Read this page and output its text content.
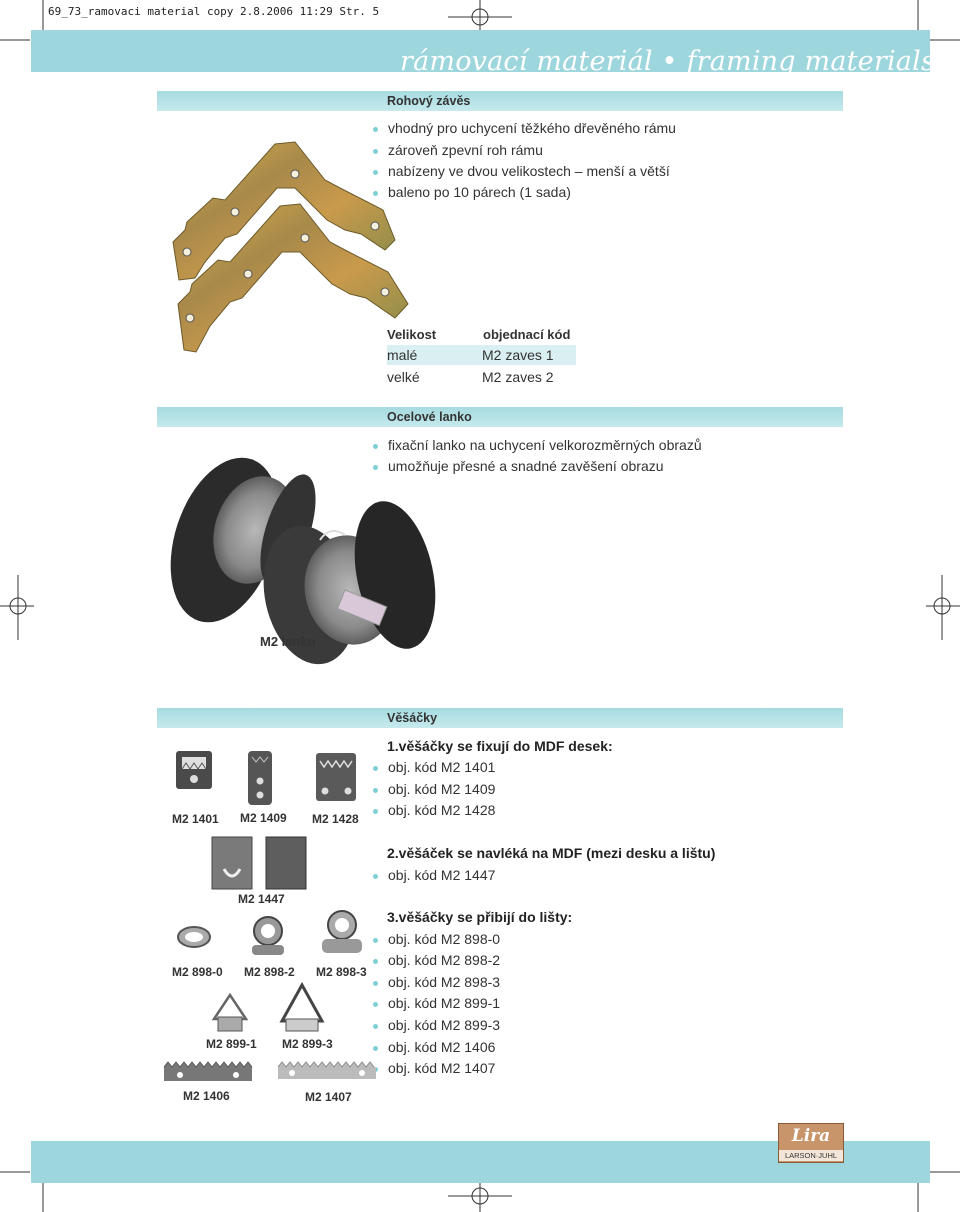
69_73_ramovaci material copy 2.8.2006 11:29 Str. 5
rámovací materiál • framing materials
Rohový závěs
vhodný pro uchycení těžkého dřevěného rámu
zároveň zpevní roh rámu
nabízeny ve dvou velikostech – menší a větší
baleno po 10 párech (1 sada)
Velikost	objednací kód
malé	M2 zaves 1
velké	M2 zaves 2
Ocelové lanko
fixační lanko na uchycení velkorozměrných obrazů
umožňuje přesné a snadné zavěšení obrazu
M2 lanko
Věšáčky
1.věšáčky se fixují do MDF desek:
obj. kód M2 1401
obj. kód M2 1409
obj. kód M2 1428
2.věšáček se navléká na MDF (mezi desku a lištu)
obj. kód M2 1447
3.věšáčky se přibijí do lišty:
obj. kód M2 898-0
obj. kód M2 898-2
obj. kód M2 898-3
obj. kód M2 899-1
obj. kód M2 899-3
obj. kód M2 1406
obj. kód M2 1407
M2 1401 M2 1409 M2 1428
M2 1447
M2 898-0 M2 898-2 M2 898-3
M2 899-1 M2 899-3
M2 1406	M2 1407
Lira
LARSON·JUHL
